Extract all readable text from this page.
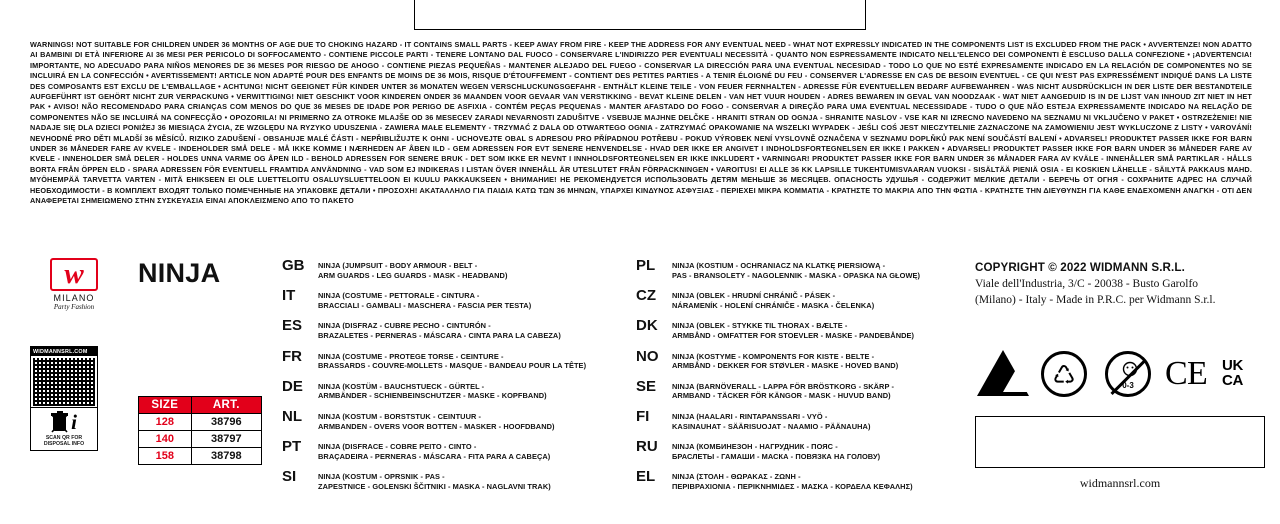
WARNINGS! NOT SUITABLE FOR CHILDREN UNDER 36 MONTHS OF AGE DUE TO CHOKING HAZARD - IT CONTAINS SMALL PARTS - KEEP AWAY FROM FIRE - KEEP THE ADDRESS FOR ANY EVENTUAL NEED - WHAT NOT EXPRESSLY INDICATED IN THE COMPONENTS LIST IS EXCLUDED FROM THE PACK • AVVERTENZE! NON ADATTO AI BAMBINI DI ETÀ INFERIORE AI 36 MESI PER PERICOLO DI SOFFOCAMENTO - CONTIENE PICCOLE PARTI - TENERE LONTANO DAL FUOCO - CONSERVARE L'INDIRIZZO PER EVENTUALI NECESSITÀ - QUANTO NON ESPRESSAMENTE INDICATO NELL'ELENCO DEI COMPONENTI È ESCLUSO DALLA CONFEZIONE • ¡ADVERTENCIA! IMPORTANTE, NO ADECUADO PARA NIÑOS MENORES DE 36 MESES POR RIESGO DE AHOGO - CONTIENE PIEZAS PEQUEÑAS - MANTENER ALEJADO DEL FUEGO - CONSERVAR LA DIRECCIÓN PARA UNA EVENTUAL NECESIDAD - TODO LO QUE NO ESTÉ EXPRESAMENTE INDICADO EN LA RELACIÓN DE COMPONENTES NO SE INCLUIRÁ EN LA CONFECCIÓN • AVERTISSEMENT! ARTICLE NON ADAPTÉ POUR DES ENFANTS DE MOINS DE 36 MOIS, RISQUE D'ÉTOUFFEMENT - CONTIENT DES PETITES PARTIES - A TENIR ÉLOIGNÉ DU FEU - CONSERVER L'ADRESSE EN CAS DE BESOIN EVENTUEL - CE QUI N'EST PAS EXPRESSÉMENT INDIQUÉ DANS LA LISTE DES COMPOSANTS EST EXCLU DE L'EMBALLAGE • ACHTUNG! NICHT GEEIGNET FÜR KINDER UNTER 36 MONATEN WEGEN VERSCHLUCKUNGSGEFAHR - ENTHÄLT KLEINE TEILE - VON FEUER FERNHALTEN - ADRESSE FÜR EVENTUELLEN BEDARF AUFBEWAHREN - WAS NICHT AUSDRÜCKLICH IN DER LISTE DER BESTANDTEILE AUFGEFÜHRT IST GEHÖRT NICHT ZUR VERPACKUNG • VERWITTIGING! NIET GESCHIKT VOOR KINDEREN ONDER 36 MAANDEN VOOR GEVAAR VAN VERSTIKKING - BEVAT KLEINE DELEN - VAN HET VUUR HOUDEN - ADRES BEWAREN IN GEVAL VAN NOODZAAK - WAT NIET AANGEDUID IS IN DE LIJST VAN INHOUD ZIT NIET IN HET PAK • AVISO! NÃO RECOMENDADO PARA CRIANÇAS COM MENOS DO QUE 36 MESES DE IDADE POR PERIGO DE ASFIXIA - CONTÉM PEÇAS PEQUENAS - MANTER AFASTADO DO FOGO - CONSERVAR A DIREÇÃO PARA UMA EVENTUAL NECESSIDADE - TUDO O QUE NÃO ESTEJA EXPRESSAMENTE INDICADO NA RELAÇÃO DE COMPONENTES NÃO SE INCLUIRÁ NA CONFECÇÃO • OPOZORILA! NI PRIMERNO ZA OTROKE MLAJŠE OD 36 MESECEV ZARADI NEVARNOSTI ZADUŠITVE - VSEBUJE MAJHNE DELČKE - HRANITI STRAN OD OGNJA - SHRANITE NASLOV - VSE KAR NI IZRECNO NAVEDENO NA SEZNAMU NI VKLJUČENO V PAKET • OSTRZEŻENIE! NIE NADAJE SIĘ DLA DZIECI PONIŻEJ 36 MIESIĄCA ŻYCIA, ZE WZGLĘDU NA RYZYKO UDUSZENIA - ZAWIERA MAŁE ELEMENTY - TRZYMAĆ Z DALA OD OTWARTEGO OGNIA - ZATRZYMAĆ OPAKOWANIE NA WSZELKI WYPADEK - JEŚLI COŚ JEST NIECZYTELNIE ZAZNACZONE NA ZAMOWIENIU JEST WYKLUCZONE Z LISTY • VAROVÁNÍ! NEVHODNÉ PRO DĚTI MLADŠÍ 36 MĚSÍCŮ. RIZIKO ZADUŠENÍ - OBSAHUJE MALÉ ČÁSTI - NEPŘIBLIŽUJTE K OHNI - UCHOVEJTE OBAL S ADRESOU PRO PŘÍPADNOU POTŘEBU - POKUD VÝROBEK NENÍ VYSLOVNĚ OZNAČENA V SEZNAMU DOPLŇKŮ PAK NENÍ SOUČÁSTÍ BALENÍ • ADVARSEL! PRODUKTET PASSER IKKE FOR BARN UNDER 36 MÅNEDER FARE AV KVELE - INDEHOLDER SMÅ DELE - MÅ IKKE KOMME I NÆRHEDEN AF ÅBEN ILD - GEM ADRESSEN FOR EVT SENERE HENVENDELSE - HVAD DER IKKE ER ANGIVET I INDHOLDSFORTEGNELSEN ER IKKE I PAKKEN • ADVARSEL! PRODUKTET PASSER IKKE FOR BARN UNDER 36 MÅNEDER FARE AV KVELE - INNEHOLDER SMÅ DELER - HOLDES UNNA VARME OG ÅPEN ILD - BEHOLD ADRESSEN FOR SENERE BRUK - DET SOM IKKE ER NEVNT I INNHOLDSFORTEGNELSEN ER IKKE INKLUDERT • VARNINGAR! PRODUKTET PASSER IKKE FOR BARN UNDER 36 MÅNADER FARA AV KVÄLE - INNEHÅLLER SMÅ PARTIKLAR - HÅLLS BORTA FRÅN ÖPPEN ELD - SPARA ADRESSEN FÖR EVENTUELL FRAMTIDA ANVÄNDNING - VAD SOM EJ INDIKERAS I LISTAN ÖVER INNEHÅLL ÄR UTESLUTET FRÅN FÖRPACKNINGEN • VAROITUS! EI ALLE 36 KK LAPSILLE TUKEHTUMISVAARAN VUOKSI - SISÄLTÄÄ PIENIÄ OSIA - EI KOSKIEN LÄHELLE - SÄILYTÄ PAKKAUS MAHD. MYÖHEMPÄÄ TARVETTA VARTEN - MITÄ EHIKSEEN EI OLE LUETTELOITU OSALUYSLUETTELOON EI KUULU PAKKAUKSEEN • ВНИМАНИЕ! НЕ РЕКОМЕНДУЕТСЯ ИСПОЛЬЗОВАТЬ ДЕТЯМ МЕНЬШЕ 36 МЕСЯЦЕВ. ОПАСНОСТЬ УДУШЬЯ - СОДЕРЖИТ МЕЛКИЕ ДЕТАЛИ - БЕРЕЧЬ ОТ ОГНЯ - СОХРАНИТЕ АДРЕС НА СЛУЧАЙ НЕОБХОДИМОСТИ - В КОМПЛЕКТ ВХОДЯТ ТОЛЬКО ПОМЕЧЕННЫЕ НА УПАКОВКЕ ДЕТАЛИ • ΠΡΟΣΟΧΗ! ΑΚΑΤΑΛΛΗΛΟ ΓΙΑ ΠΑΙΔΙΑ ΚΑΤΩ ΤΩΝ 36 ΜΗΝΩΝ, ΥΠΑΡΧΕΙ ΚΙΝΔΥΝΟΣ ΑΣΦΥΞΙΑΣ - ΠΕΡΙΕΧΕΙ ΜΙΚΡΑ ΚΟΜΜΑΤΙΑ - ΚΡΑΤΗΣΤΕ ΤΟ ΜΑΚΡΙΑ ΑΠΟ ΤΗΝ ΦΩΤΙΑ - ΚΡΑΤΗΣΤΕ ΤΗΝ ΔΙΕΥΘΥΝΣΗ ΓΙΑ ΚΑΘΕ ΕΝΔΕΧΟΜΕΝΗ ΑΝΑΓΚΗ - ΟΤΙ ΔΕΝ ΑΝΑΦΕΡΕΤΑΙ ΣΗΜΕΙΩΜΕΝΟ ΣΤΗΝ ΣΥΣΚΕΥΑΣΙΑ ΕΙΝΑΙ ΑΠΟΚΛΕΙΣΜΕΝΟ ΑΠΟ ΤΟ ΠΑΚΕΤΟ

w
MILANO
Party Fashion
WIDMANNSRL.COM
i
SCAN QR FOR
DISPOSAL INFO
NINJA
SIZE	ART.
128	38796
140	38797
158	38798
GB	NINJA (JUMPSUIT - BODY ARMOUR - BELT -
ARM GUARDS - LEG GUARDS - MASK - HEADBAND)
IT	NINJA (COSTUME - PETTORALE - CINTURA -
BRACCIALI - GAMBALI - MASCHERA - FASCIA PER TESTA)
ES	NINJA (DISFRAZ - CUBRE PECHO - CINTURÓN -
BRAZALETES - PERNERAS - MÁSCARA - CINTA PARA LA CABEZA)
FR	NINJA (COSTUME - PROTEGE TORSE - CEINTURE -
BRASSARDS - COUVRE-MOLLETS - MASQUE - BANDEAU POUR LA TÊTE)
DE	NINJA (KOSTÜM - BAUCHSTUECK - GÜRTEL -
ARMBÄNDER - SCHIENBEINSCHUTZER - MASKE - KOPFBAND)
NL	NINJA (KOSTUM - BORSTSTUK - CEINTUUR -
ARMBANDEN - OVERS VOOR BOTTEN - MASKER - HOOFDBAND)
PT	NINJA (DISFRACE - COBRE PEITO - CINTO -
BRAÇADEIRA - PERNERAS - MÁSCARA - FITA PARA A CABEÇA)
SI	NINJA (KOSTUM - OPRSNIK - PAS -
ZAPESTNICE - GOLENSKI ŠČITNIKI - MASKA - NAGLAVNI TRAK)
PL	NINJA (KOSTIUM - OCHRANIACZ NA KLATKĘ PIERSIOWĄ -
PAS - BRANSOLETY - NAGOLENNIK - MASKA - OPASKA NA GŁOWĘ)
CZ	NINJA (OBLEK - HRUDNÍ CHRÁNIČ - PÁSEK -
NÁRAMENÍK - HOLENÍ CHRÁNIČE - MASKA - ČELENKA)
DK	NINJA (OBLEK - STYKKE TIL THORAX - BÆLTE -
ARMBÅND - OMFATTER FOR STOEVLER - MASKE - PANDEBÅNDE)
NO	NINJA (KOSTYME - KOMPONENTS FOR KISTE - BELTE -
ARMBÅND - DEKKER FOR STØVLER - MASKE - HOVED BAND)
SE	NINJA (BARNÖVERALL - LAPPA FÖR BRÖSTKORG - SKÄRP -
ARMBAND - TÄCKER FÖR KÄNGOR - MASK - HUVUD BAND)
FI	NINJA (HAALARI - RINTAPANSSARI - VYÖ -
KASINAUHAT - SÄÄRISUOJAT - NAAMIO - PÄÄNAUHA)
RU	NINJA (КОМБИНЕЗОН - НАГРУДНИК - ПОЯС -
БРАСЛЕТЫ - ГАМАШИ - МАСКА - ПОВЯЗКА НА ГОЛОВУ)
EL	NINJA (ΣΤΟΛΗ - ΘΩΡΑΚΑΣ - ΖΩΝΗ -
ΠΕΡΙΒΡΑΧΙΟΝΙΑ - ΠΕΡΙΚΝΗΜΙΔΕΣ - ΜΑΣΚΑ - ΚΟΡΔΕΛΑ ΚΕΦΑΛΗΣ)
COPYRIGHT © 2022 WIDMANN S.R.L.
Viale dell'Industria, 3/C - 20038 - Busto Garolfo
(Milano) - Italy - Made in P.R.C. per Widmann S.r.l.
!	♺	0-3 CE UK
CA
widmannsrl.com
